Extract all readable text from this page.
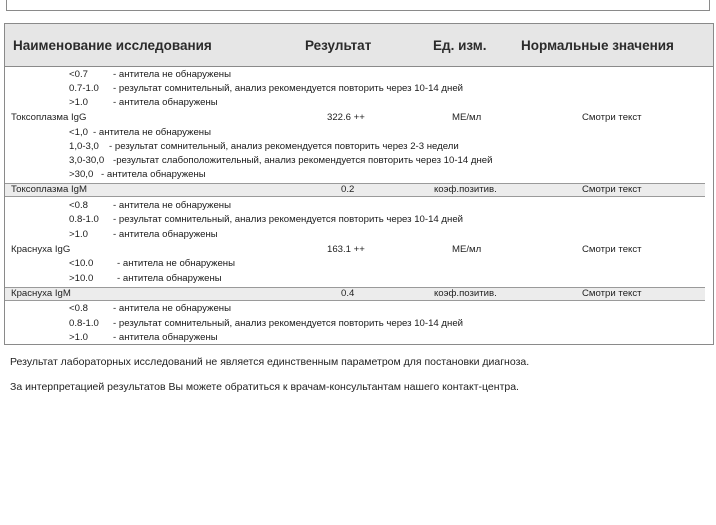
Наименование исследования	Результат	Ед. изм.	Нормальные значения
<0.7	- антитела не обнаружены
0.7-1.0 - результат сомнительный, анализ рекомендуется повторить через 10-14 дней
>1.0	- антитела обнаружены
Токсоплазма IgG	322.6 ++	МЕ/мл	Смотри текст
<1,0 - антитела не обнаружены
1,0-3,0 - результат сомнительный, анализ рекомендуется повторить через 2-3 недели
3,0-30,0 -результат слабоположительный, анализ рекомендуется повторить через 10-14 дней
>30,0 - антитела обнаружены
Токсоплазма IgM	0.2	коэф.позитив.	Смотри текст
<0.8	- антитела не обнаружены
0.8-1.0 - результат сомнительный, анализ рекомендуется повторить через 10-14 дней
>1.0	- антитела обнаружены
Краснуха IgG	163.1 ++	МЕ/мл	Смотри текст
<10.0 - антитела не обнаружены
>10.0 - антитела обнаружены
Краснуха IgM	0.4	коэф.позитив.	Смотри текст
<0.8	- антитела не обнаружены
0.8-1.0 - результат сомнительный, анализ рекомендуется повторить через 10-14 дней
>1.0	- антитела обнаружены
Результат лабораторных исследований не является единственным параметром для постановки диагноза.
За интерпретацией результатов Вы можете обратиться к врачам-консультантам нашего контакт-центра.
